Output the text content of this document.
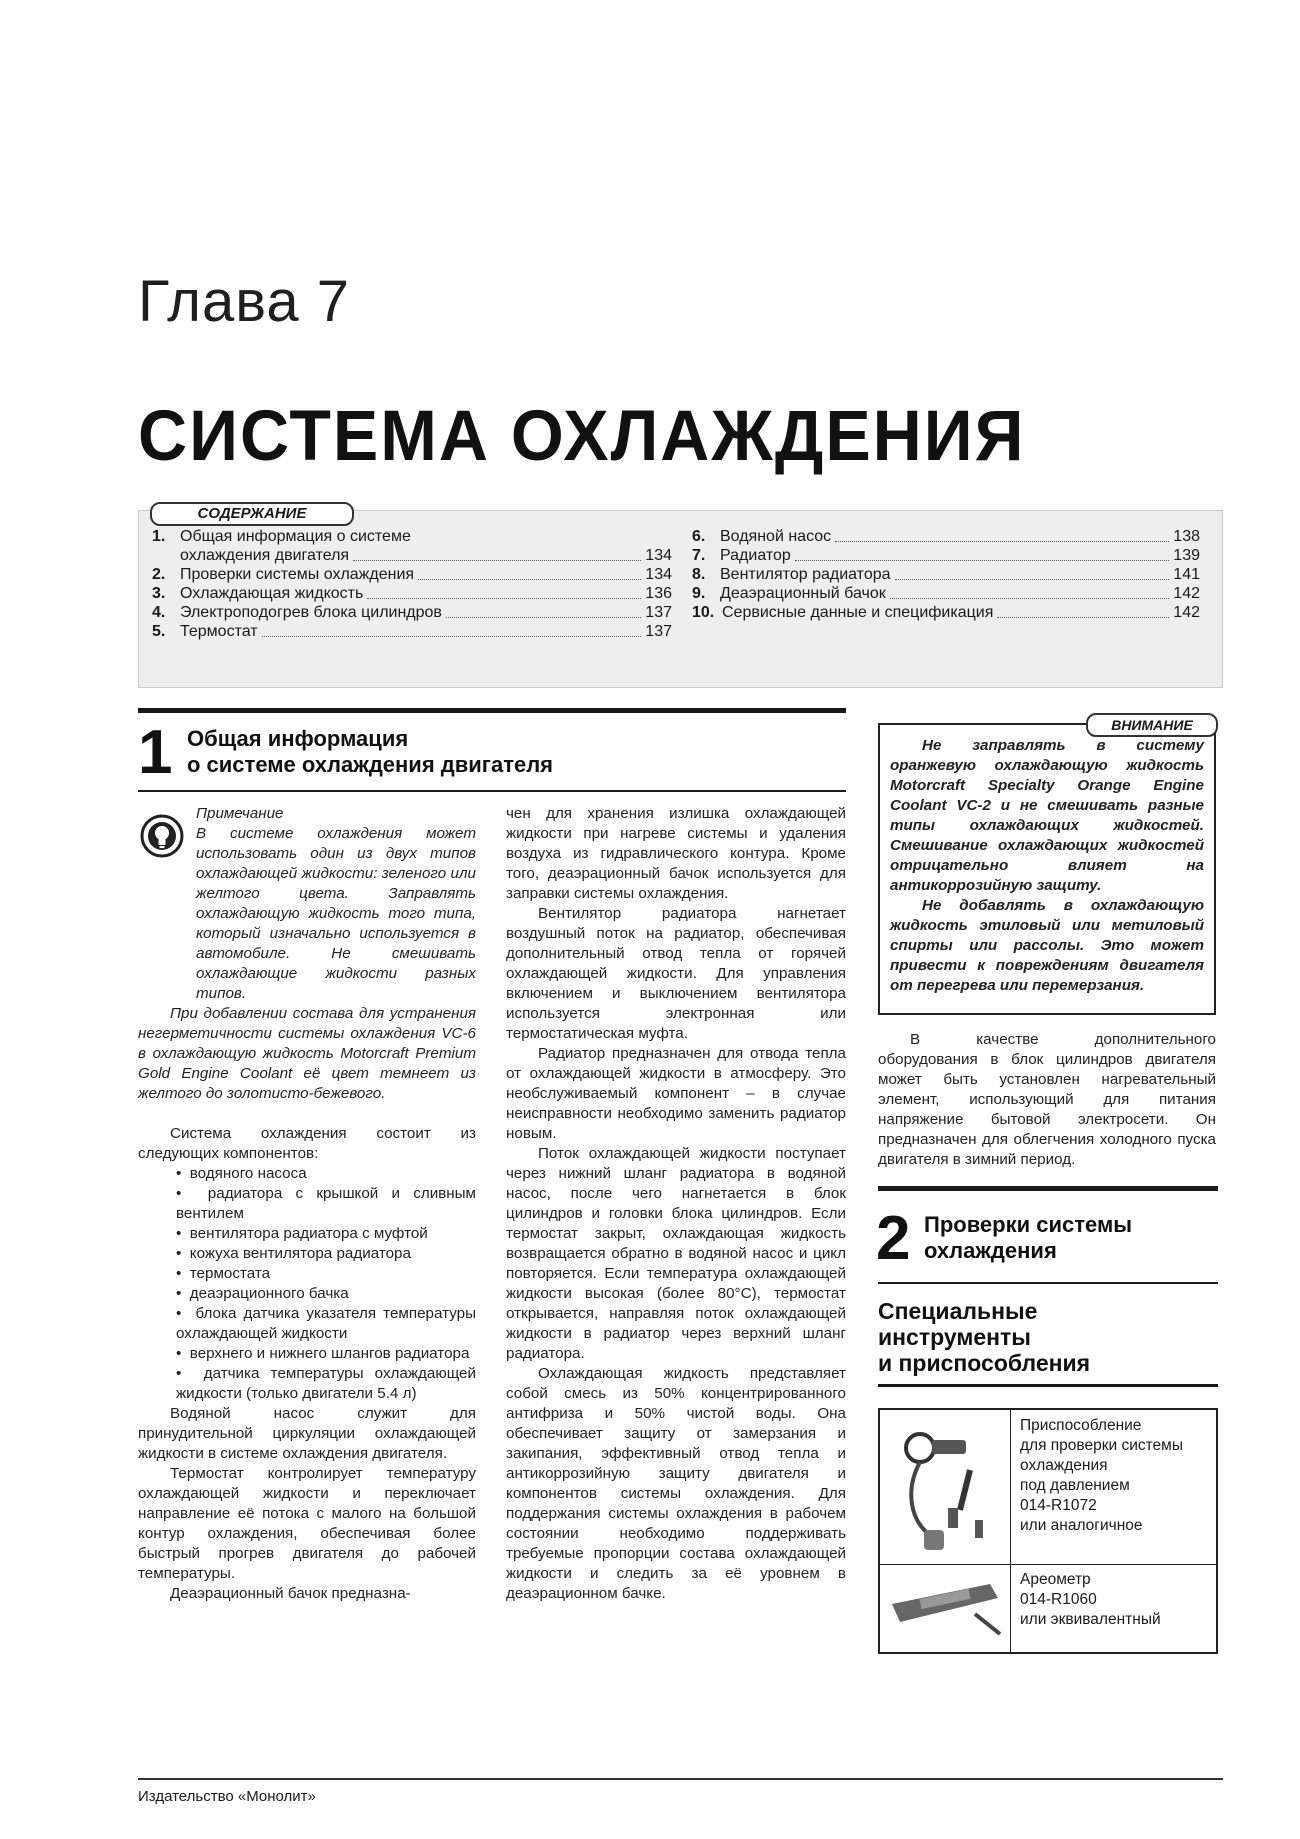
Глава 7
СИСТЕМА ОХЛАЖДЕНИЯ
СОДЕРЖАНИЕ
1. Общая информация о системе
охлаждения двигателя	134
2. Проверки системы охлаждения	134
3. Охлаждающая жидкость	136
4. Электроподогрев блока цилиндров	137
5. Термостат	137
6. Водяной насос	138
7. Радиатор	139
8. Вентилятор радиатора	141
9. Деаэрационный бачок	142
10. Сервисные данные и спецификация	142
1 Общая информация
о системе охлаждения двигателя

Примечание

В системе охлаждения может использовать один из двух типов охлаждающей жидкости: зеленого или желтого цвета. Заправлять охлаждающую жидкость того типа, который изначально используется в автомобиле. Не смешивать охлаждающие жидкости разных типов.

При добавлении состава для устранения негерметичности системы охлаждения VC-6 в охлаждающую жидкость Motorcraft Premium Gold Engine Coolant её цвет темнеет из желтого до золотисто-бежевого.

Система охлаждения состоит из следующих компонентов:

•  водяного насоса

•  радиатора с крышкой и сливным вентилем

•  вентилятора радиатора с муфтой

•  кожуха вентилятора радиатора

•  термостата

•  деаэрационного бачка

•  блока датчика указателя температуры охлаждающей жидкости

•  верхнего и нижнего шлангов радиатора

•  датчика температуры охлаждающей жидкости (только двигатели 5.4 л)

Водяной насос служит для принудительной циркуляции охлаждающей жидкости в системе охлаждения двигателя.

Термостат контролирует температуру охлаждающей жидкости и переключает направление её потока с малого на большой контур охлаждения, обеспечивая более быстрый прогрев двигателя до рабочей температуры.

Деаэрационный бачок предназна-

чен для хранения излишка охлаждающей жидкости при нагреве системы и удаления воздуха из гидравлического контура. Кроме того, деаэрационный бачок используется для заправки системы охлаждения.

Вентилятор радиатора нагнетает воздушный поток на радиатор, обеспечивая дополнительный отвод тепла от горячей охлаждающей жидкости. Для управления включением и выключением вентилятора используется электронная или термостатическая муфта.

Радиатор предназначен для отвода тепла от охлаждающей жидкости в атмосферу. Это необслуживаемый компонент – в случае неисправности необходимо заменить радиатор новым.

Поток охлаждающей жидкости поступает через нижний шланг радиатора в водяной насос, после чего нагнетается в блок цилиндров и головки блока цилиндров. Если термостат закрыт, охлаждающая жидкость возвращается обратно в водяной насос и цикл повторяется. Если температура охлаждающей жидкости высокая (более 80°С), термостат открывается, направляя поток охлаждающей жидкости в радиатор через верхний шланг радиатора.

Охлаждающая жидкость представляет собой смесь из 50% концентрированного антифриза и 50% чистой воды. Она обеспечивает защиту от замерзания и закипания, эффективный отвод тепла и антикоррозийную защиту двигателя и компонентов системы охлаждения. Для поддержания системы охлаждения в рабочем состоянии необходимо поддерживать требуемые пропорции состава охлаждающей жидкости и следить за её уровнем в деаэрационном бачке.

ВНИМАНИЕ

Не заправлять в систему оранжевую охлаждающую жидкость Motorcraft Specialty Orange Engine Coolant VC-2 и не смешивать разные типы охлаждающих жидкостей. Смешивание охлаждающих жидкостей отрицательно влияет на антикоррозийную защиту.

Не добавлять в охлаждающую жидкость этиловый или метиловый спирты или рассолы. Это может привести к повреждениям двигателя от перегрева или перемерзания.

В качестве дополнительного оборудования в блок цилиндров двигателя может быть установлен нагревательный элемент, использующий для питания напряжение бытовой электросети. Он предназначен для облегчения холодного пуска двигателя в зимний период.

2 Проверки системы
охлаждения
Специальные
инструменты
и приспособления
Приспособление
для проверки системы
охлаждения
под давлением
014-R1072
или аналогичное
Ареометр
014-R1060
или эквивалентный
Издательство «Монолит»
